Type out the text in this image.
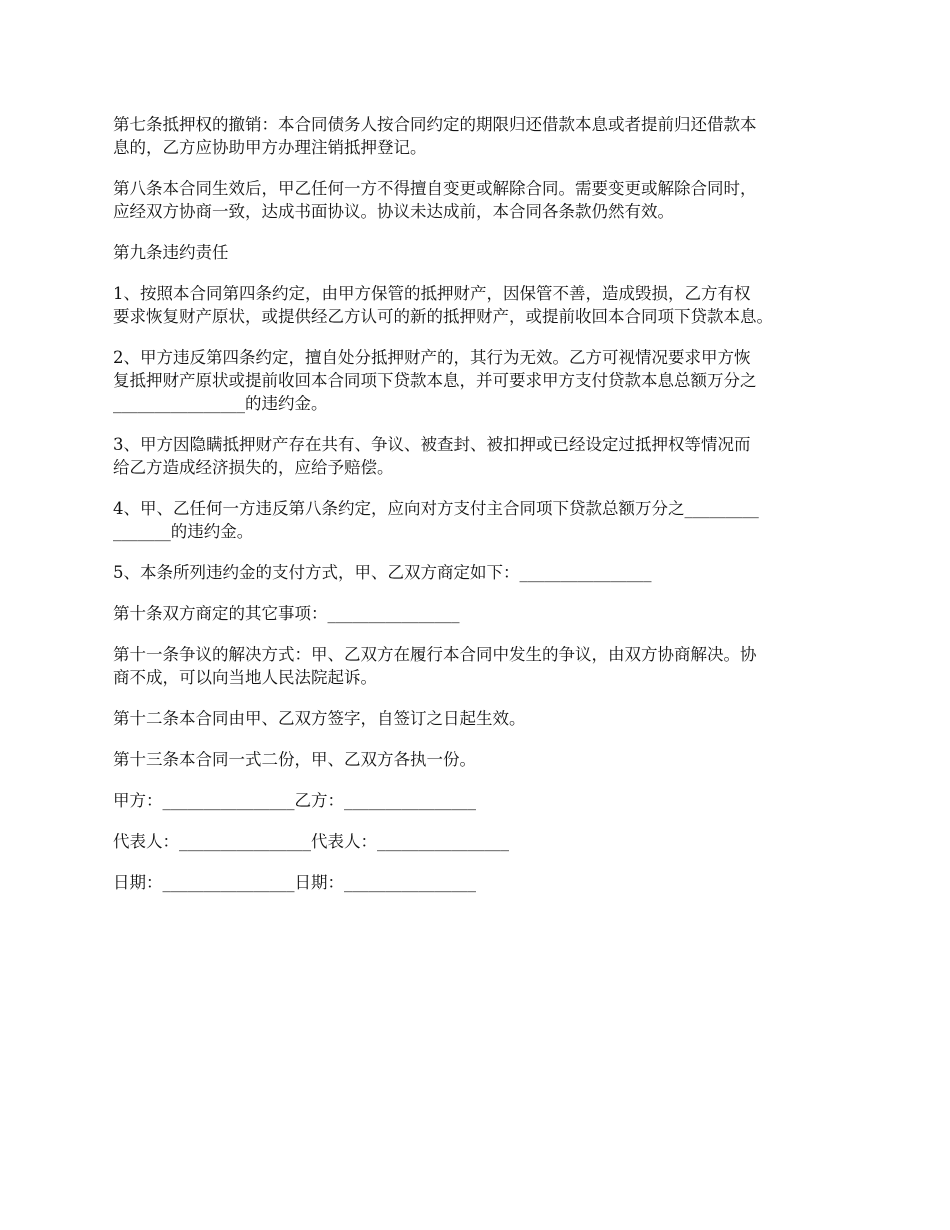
第七条抵押权的撤销：本合同债务人按合同约定的期限归还借款本息或者提前归还借款本
息的，乙方应协助甲方办理注销抵押登记。

第八条本合同生效后，甲乙任何一方不得擅自变更或解除合同。需要变更或解除合同时，
应经双方协商一致，达成书面协议。协议未达成前，本合同各条款仍然有效。

第九条违约责任

1、按照本合同第四条约定，由甲方保管的抵押财产，因保管不善，造成毁损，乙方有权
要求恢复财产原状，或提供经乙方认可的新的抵押财产，或提前收回本合同项下贷款本息。

2、甲方违反第四条约定，擅自处分抵押财产的，其行为无效。乙方可视情况要求甲方恢
复抵押财产原状或提前收回本合同项下贷款本息，并可要求甲方支付贷款本息总额万分之
________________的违约金。

3、甲方因隐瞒抵押财产存在共有、争议、被查封、被扣押或已经设定过抵押权等情况而
给乙方造成经济损失的，应给予赔偿。

4、甲、乙任何一方违反第八条约定，应向对方支付主合同项下贷款总额万分之_________
_______的违约金。

5、本条所列违约金的支付方式，甲、乙双方商定如下：________________

第十条双方商定的其它事项：________________

第十一条争议的解决方式：甲、乙双方在履行本合同中发生的争议，由双方协商解决。协
商不成，可以向当地人民法院起诉。

第十二条本合同由甲、乙双方签字，自签订之日起生效。

第十三条本合同一式二份，甲、乙双方各执一份。

甲方：________________乙方：________________

代表人：________________代表人：________________

日期：________________日期：________________
